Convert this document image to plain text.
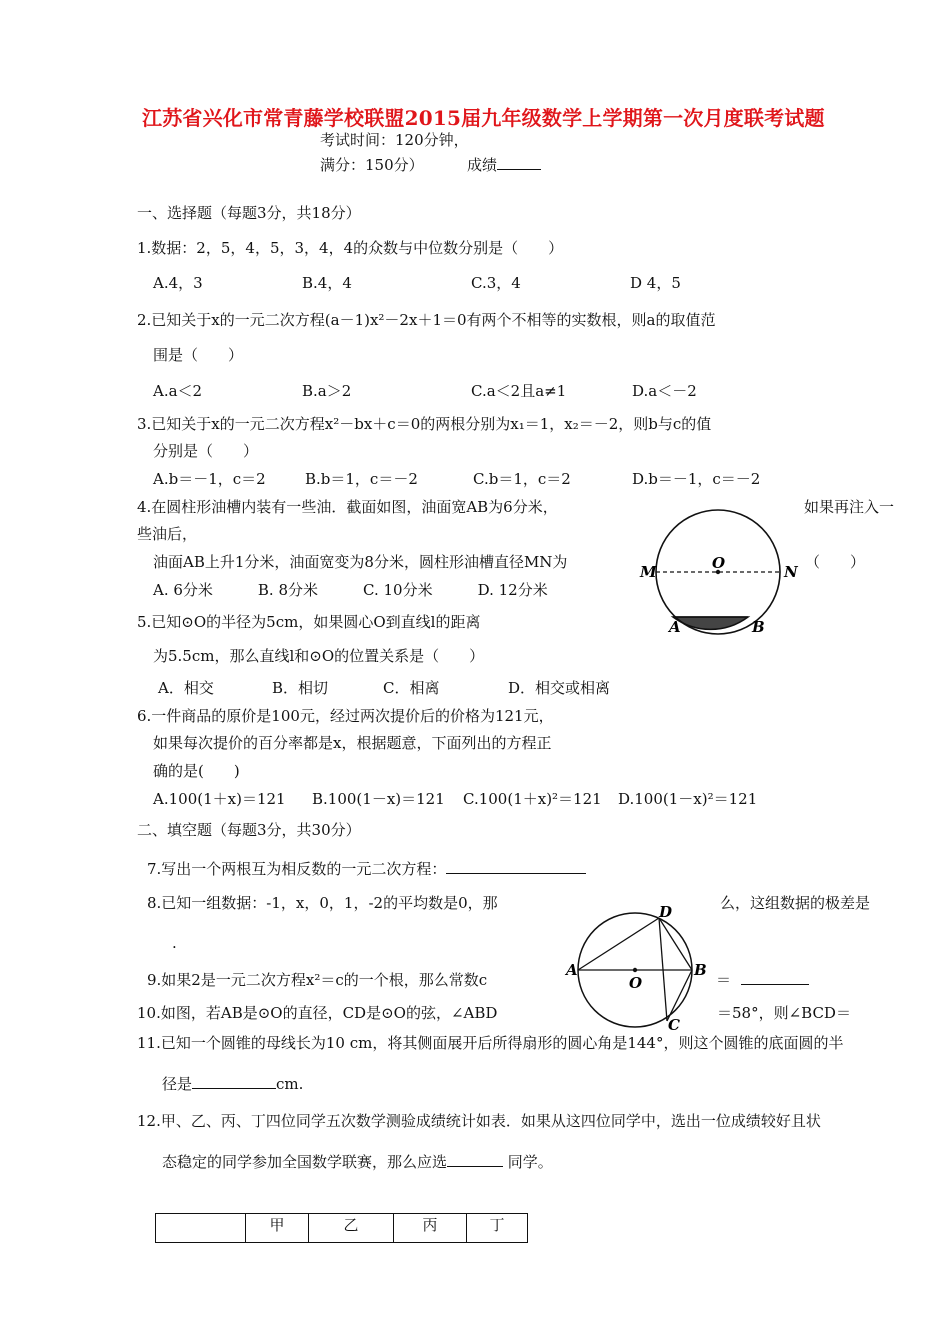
江苏省兴化市常青藤学校联盟2015届九年级数学上学期第一次月度联考试题
考试时间：120分钟，
满分：150分）	成绩
一、选择题（每题3分，共18分）
1.数据：2，5，4，5，3，4，4的众数与中位数分别是（　　）
A.4，3	B.4，4	C.3，4	D 4，5
2.已知关于x的一元二次方程(a－1)x²－2x＋1＝0有两个不相等的实数根，则a的取值范
围是（　　）
A.a＜2	B.a＞2	C.a＜2且a≠1	D.a＜－2
3.已知关于x的一元二次方程x²－bx＋c＝0的两根分别为x₁＝1，x₂＝－2，则b与c的值
分别是（　　）
A.b＝－1，c＝2	B.b＝1，c＝－2	C.b＝1，c＝2	D.b＝－1，c＝－2
4.在圆柱形油槽内装有一些油．截面如图，油面宽AB为6分米，	如果再注入一
些油后，
油面AB上升1分米，油面宽变为8分米，圆柱形油槽直径MN为	（　　）
A. 6分米　　　B. 8分米　　　C. 10分米　　　D. 12分米
M	N
O
A	B
5.已知⊙O的半径为5cm，如果圆心O到直线l的距离
为5.5cm，那么直线l和⊙O的位置关系是（　　）
A．相交	B．相切	C．相离	D．相交或相离
6.一件商品的原价是100元，经过两次提价后的价格为121元，
如果每次提价的百分率都是x，根据题意，下面列出的方程正
确的是(　　)
A.100(1＋x)＝121 B.100(1－x)＝121 C.100(1＋x)²＝121 D.100(1－x)²＝121
二、填空题（每题3分，共30分）
7.写出一个两根互为相反数的一元二次方程：
8.已知一组数据：-1，x，0，1，-2的平均数是0，那	么，这组数据的极差是
.
9.如果2是一元二次方程x²＝c的一个根，那么常数c	＝
10.如图，若AB是⊙O的直径，CD是⊙O的弦，∠ABD	＝58°，则∠BCD＝
A	B
C
D
O
11.已知一个圆锥的母线长为10 cm，将其侧面展开后所得扇形的圆心角是144°，则这个圆锥的底面圆的半
径是	cm.
12.甲、乙、丙、丁四位同学五次数学测验成绩统计如表．如果从这四位同学中，选出一位成绩较好且状
态稳定的同学参加全国数学联赛，那么应选	同学。
	甲	乙	丙	丁
